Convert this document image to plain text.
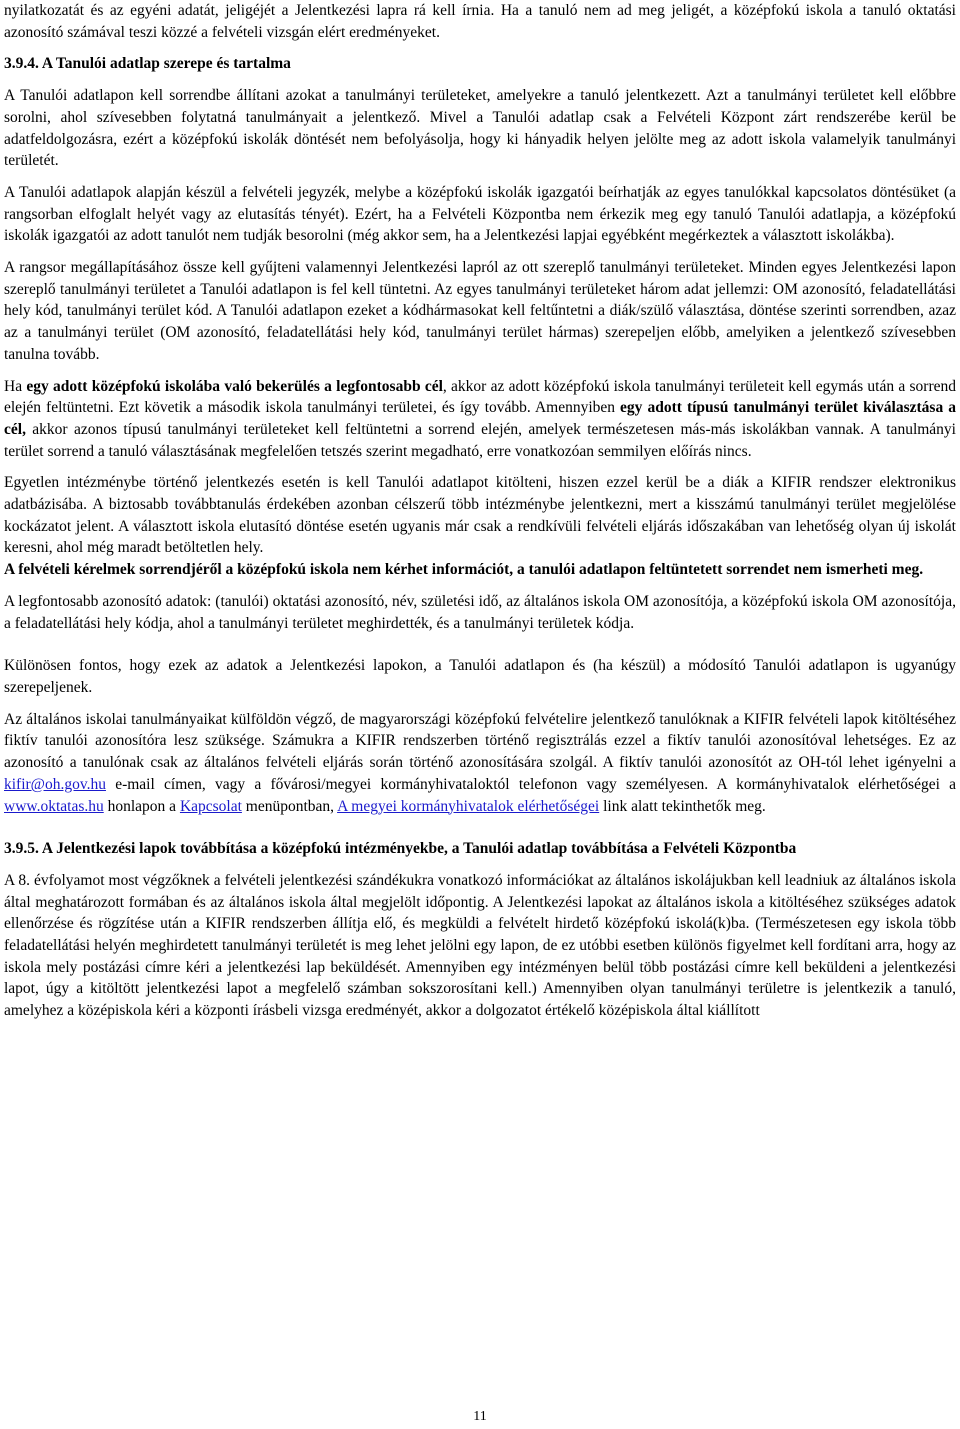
nyilatkozatát és az egyéni adatát, jeligéjét a Jelentkezési lapra rá kell írnia. Ha a tanuló nem ad meg jeligét, a középfokú iskola a tanuló oktatási azonosító számával teszi közzé a felvételi vizsgán elért eredményeket.

3.9.4. A Tanulói adatlap szerepe és tartalma

A Tanulói adatlapon kell sorrendbe állítani azokat a tanulmányi területeket, amelyekre a tanuló jelentkezett. Azt a tanulmányi területet kell előbbre sorolni, ahol szívesebben folytatná tanulmányait a jelentkező. Mivel a Tanulói adatlap csak a Felvételi Központ zárt rendszerébe kerül be adatfeldolgozásra, ezért a középfokú iskolák döntését nem befolyásolja, hogy ki hányadik helyen jelölte meg az adott iskola valamelyik tanulmányi területét.

A Tanulói adatlapok alapján készül a felvételi jegyzék, melybe a középfokú iskolák igazgatói beírhatják az egyes tanulókkal kapcsolatos döntésüket (a rangsorban elfoglalt helyét vagy az elutasítás tényét). Ezért, ha a Felvételi Központba nem érkezik meg egy tanuló Tanulói adatlapja, a középfokú iskolák igazgatói az adott tanulót nem tudják besorolni (még akkor sem, ha a Jelentkezési lapjai egyébként megérkeztek a választott iskolákba).

A rangsor megállapításához össze kell gyűjteni valamennyi Jelentkezési lapról az ott szereplő tanulmányi területeket. Minden egyes Jelentkezési lapon szereplő tanulmányi területet a Tanulói adatlapon is fel kell tüntetni. Az egyes tanulmányi területeket három adat jellemzi: OM azonosító, feladatellátási hely kód, tanulmányi terület kód. A Tanulói adatlapon ezeket a kódhármasokat kell feltűntetni a diák/szülő választása, döntése szerinti sorrendben, azaz az a tanulmányi terület (OM azonosító, feladatellátási hely kód, tanulmányi terület hármas) szerepeljen előbb, amelyiken a jelentkező szívesebben tanulna tovább.

Ha egy adott középfokú iskolába való bekerülés a legfontosabb cél, akkor az adott középfokú iskola tanulmányi területeit kell egymás után a sorrend elején feltüntetni. Ezt követik a második iskola tanulmányi területei, és így tovább. Amennyiben egy adott típusú tanulmányi terület kiválasztása a cél, akkor azonos típusú tanulmányi területeket kell feltüntetni a sorrend elején, amelyek természetesen más-más iskolákban vannak. A tanulmányi terület sorrend a tanuló választásának megfelelően tetszés szerint megadható, erre vonatkozóan semmilyen előírás nincs.

Egyetlen intézménybe történő jelentkezés esetén is kell Tanulói adatlapot kitölteni, hiszen ezzel kerül be a diák a KIFIR rendszer elektronikus adatbázisába. A biztosabb továbbtanulás érdekében azonban célszerű több intézménybe jelentkezni, mert a kisszámú tanulmányi terület megjelölése kockázatot jelent. A választott iskola elutasító döntése esetén ugyanis már csak a rendkívüli felvételi eljárás időszakában van lehetőség olyan új iskolát keresni, ahol még maradt betöltetlen hely.

A felvételi kérelmek sorrendjéről a középfokú iskola nem kérhet információt, a tanulói adatlapon feltüntetett sorrendet nem ismerheti meg.

A legfontosabb azonosító adatok: (tanulói) oktatási azonosító, név, születési idő, az általános iskola OM azonosítója, a középfokú iskola OM azonosítója, a feladatellátási hely kódja, ahol a tanulmányi területet meghirdették, és a tanulmányi területek kódja.

Különösen fontos, hogy ezek az adatok a Jelentkezési lapokon, a Tanulói adatlapon és (ha készül) a módosító Tanulói adatlapon is ugyanúgy szerepeljenek.

Az általános iskolai tanulmányaikat külföldön végző, de magyarországi középfokú felvételire jelentkező tanulóknak a KIFIR felvételi lapok kitöltéséhez fiktív tanulói azonosítóra lesz szüksége. Számukra a KIFIR rendszerben történő regisztrálás ezzel a fiktív tanulói azonosítóval lehetséges. Ez az azonosító a tanulónak csak az általános felvételi eljárás során történő azonosítására szolgál. A fiktív tanulói azonosítót az OH-tól lehet igényelni a kifir@oh.gov.hu e-mail címen, vagy a fővárosi/megyei kormányhivataloktól telefonon vagy személyesen. A kormányhivatalok elérhetőségei a www.oktatas.hu honlapon a Kapcsolat menüpontban, A megyei kormányhivatalok elérhetőségei link alatt tekinthetők meg.

3.9.5. A Jelentkezési lapok továbbítása a középfokú intézményekbe, a Tanulói adatlap továbbítása a Felvételi Központba

A 8. évfolyamot most végzőknek a felvételi jelentkezési szándékukra vonatkozó információkat az általános iskolájukban kell leadniuk az általános iskola által meghatározott formában és az általános iskola által megjelölt időpontig. A Jelentkezési lapokat az általános iskola a kitöltéséhez szükséges adatok ellenőrzése és rögzítése után a KIFIR rendszerben állítja elő, és megküldi a felvételt hirdető középfokú iskolá(k)ba. (Természetesen egy iskola több feladatellátási helyén meghirdetett tanulmányi területét is meg lehet jelölni egy lapon, de ez utóbbi esetben különös figyelmet kell fordítani arra, hogy az iskola mely postázási címre kéri a jelentkezési lap beküldését. Amennyiben egy intézményen belül több postázási címre kell beküldeni a jelentkezési lapot, úgy a kitöltött jelentkezési lapot a megfelelő számban sokszorosítani kell.) Amennyiben olyan tanulmányi területre is jelentkezik a tanuló, amelyhez a középiskola kéri a központi írásbeli vizsga eredményét, akkor a dolgozatot értékelő középiskola által kiállított

11
